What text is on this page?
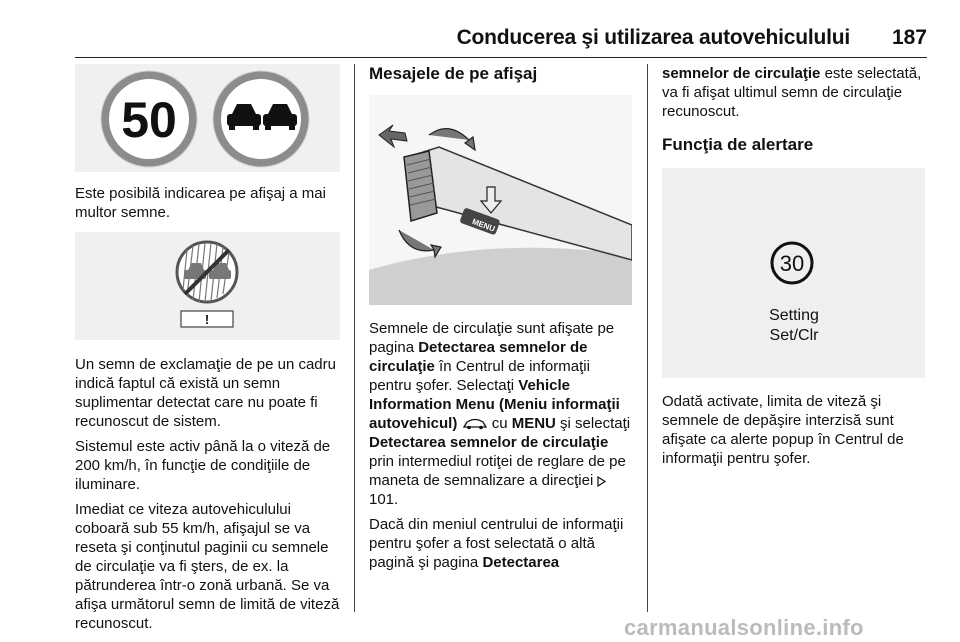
Conducerea şi utilizarea autovehiculului 187
50

Este posibilă indicarea pe afişaj a mai multor semne.

!

Un semn de exclamaţie de pe un cadru indică faptul că există un semn suplimentar detectat care nu poate fi recunoscut de sistem.

Sistemul este activ până la o viteză de 200 km/h, în funcţie de condiţiile de iluminare.

Imediat ce viteza autovehiculului coboară sub 55 km/h, afişajul se va reseta şi conţinutul paginii cu semnele de circulaţie va fi şters, de ex. la pătrunderea într-o zonă urbană. Se va afişa următorul semn de limită de viteză recunoscut.

Mesajele de pe afişaj
MENU

Semnele de circulaţie sunt afişate pe pagina Detectarea semnelor de circulaţie în Centrul de informaţii pentru şofer. Selectaţi Vehicle Information Menu (Meniu informaţii autovehicul)  cu MENU şi selectaţi Detectarea semnelor de circulaţie prin intermediul rotiţei de reglare de pe maneta de semnalizare a direcţiei  101.

Dacă din meniul centrului de informaţii pentru şofer a fost selectată o altă pagină şi pagina Detectarea

semnelor de circulaţie este selectată, va fi afişat ultimul semn de circulaţie recunoscut.

Funcţia de alertare
30
Setting
Set/Clr

Odată activate, limita de viteză şi semnele de depăşire interzisă sunt afişate ca alerte popup în Centrul de informaţii pentru şofer.

carmanualsonline.info
